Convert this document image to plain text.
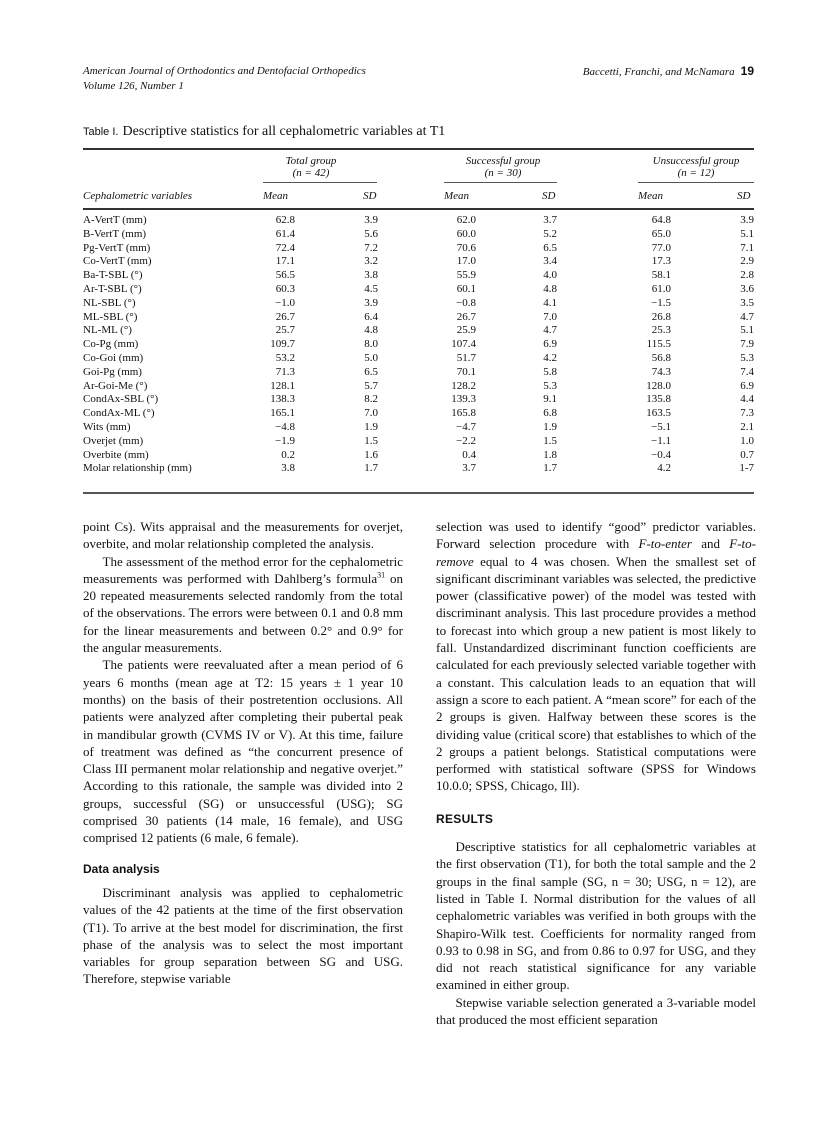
American Journal of Orthodontics and Dentofacial Orthopedics
Volume 126, Number 1
Baccetti, Franchi, and McNamara 19
Table I. Descriptive statistics for all cephalometric variables at T1
Total group
(n = 42)
Successful group
(n = 30)
Unsuccessful group
(n = 12)
Cephalometric variables	Mean	SD	Mean	SD	Mean	SD
A-VertT (mm)	62.8	3.9	62.0	3.7	64.8	3.9
B-VertT (mm)	61.4	5.6	60.0	5.2	65.0	5.1
Pg-VertT (mm)	72.4	7.2	70.6	6.5	77.0	7.1
Co-VertT (mm)	17.1	3.2	17.0	3.4	17.3	2.9
Ba-T-SBL (°)	56.5	3.8	55.9	4.0	58.1	2.8
Ar-T-SBL (°)	60.3	4.5	60.1	4.8	61.0	3.6
NL-SBL (°)	−1.0	3.9	−0.8	4.1	−1.5	3.5
ML-SBL (°)	26.7	6.4	26.7	7.0	26.8	4.7
NL-ML (°)	25.7	4.8	25.9	4.7	25.3	5.1
Co-Pg (mm)	109.7	8.0	107.4	6.9	115.5	7.9
Co-Goi (mm)	53.2	5.0	51.7	4.2	56.8	5.3
Goi-Pg (mm)	71.3	6.5	70.1	5.8	74.3	7.4
Ar-Goi-Me (°)	128.1	5.7	128.2	5.3	128.0	6.9
CondAx-SBL (°)	138.3	8.2	139.3	9.1	135.8	4.4
CondAx-ML (°)	165.1	7.0	165.8	6.8	163.5	7.3
Wits (mm)	−4.8	1.9	−4.7	1.9	−5.1	2.1
Overjet (mm)	−1.9	1.5	−2.2	1.5	−1.1	1.0
Overbite (mm)	0.2	1.6	0.4	1.8	−0.4	0.7
Molar relationship (mm)	3.8	1.7	3.7	1.7	4.2	1-7

point Cs). Wits appraisal and the measurements for overjet, overbite, and molar relationship completed the analysis.

The assessment of the method error for the cephalometric measurements was performed with Dahlberg’s formula$^{31}$ on 20 repeated measurements selected randomly from the total of the observations. The errors were between 0.1 and 0.8 mm for the linear measurements and between 0.2° and 0.9° for the angular measurements.

The patients were reevaluated after a mean period of 6 years 6 months (mean age at T2: 15 years ± 1 year 10 months) on the basis of their postretention occlusions. All patients were analyzed after completing their pubertal peak in mandibular growth (CVMS IV or V). At this time, failure of treatment was defined as “the concurrent presence of Class III permanent molar relationship and negative overjet.” According to this rationale, the sample was divided into 2 groups, successful (SG) or unsuccessful (USG); SG comprised 30 patients (14 male, 16 female), and USG comprised 12 patients (6 male, 6 female).

Data analysis

Discriminant analysis was applied to cephalometric values of the 42 patients at the time of the first observation (T1). To arrive at the best model for discrimination, the first phase of the analysis was to select the most important variables for group separation between SG and USG. Therefore, stepwise variable

selection was used to identify “good” predictor variables. Forward selection procedure with F-to-enter and F-to-remove equal to 4 was chosen. When the smallest set of significant discriminant variables was selected, the predictive power (classificative power) of the model was tested with discriminant analysis. This last procedure provides a method to forecast into which group a new patient is most likely to fall. Unstandardized discriminant function coefficients are calculated for each previously selected variable together with a constant. This calculation leads to an equation that will assign a score to each patient. A “mean score” for each of the 2 groups is given. Halfway between these scores is the dividing value (critical score) that establishes to which of the 2 groups a patient belongs. Statistical computations were performed with statistical software (SPSS for Windows 10.0.0; SPSS, Chicago, Ill).

RESULTS

Descriptive statistics for all cephalometric variables at the first observation (T1), for both the total sample and the 2 groups in the final sample (SG, n = 30; USG, n = 12), are listed in Table I. Normal distribution for the values of all cephalometric variables was verified in both groups with the Shapiro-Wilk test. Coefficients for normality ranged from 0.93 to 0.98 in SG, and from 0.86 to 0.97 for USG, and they did not reach statistical significance for any variable examined in either group.

Stepwise variable selection generated a 3-variable model that produced the most efficient separation
